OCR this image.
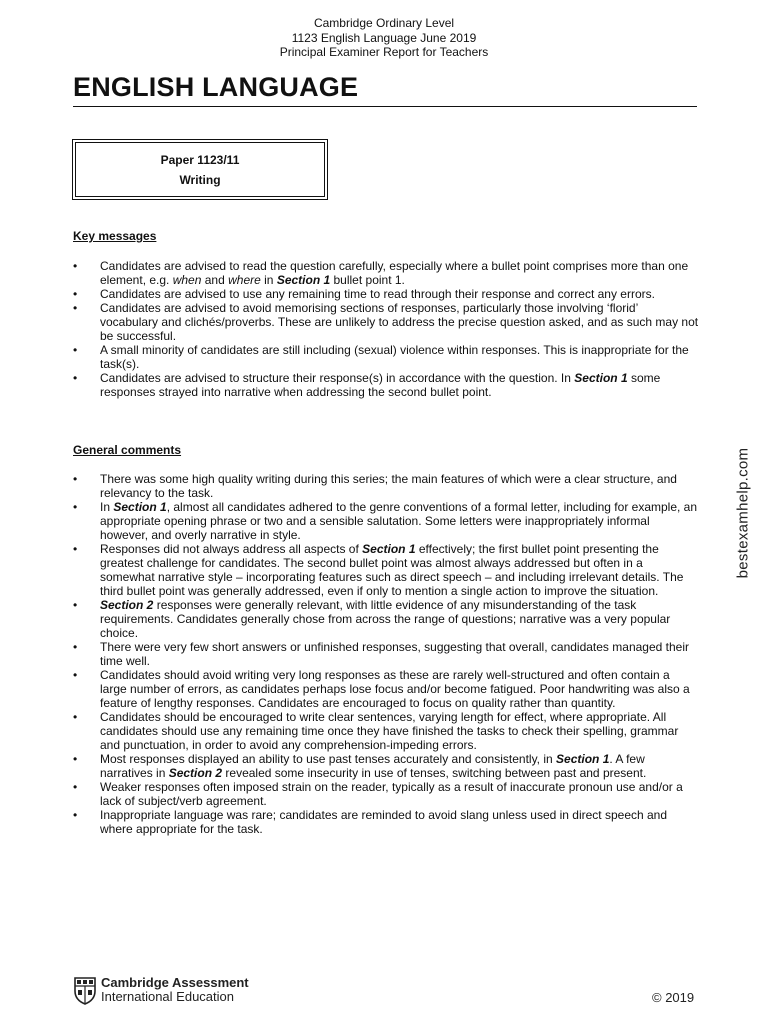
Cambridge Ordinary Level
1123 English Language June 2019
Principal Examiner Report for Teachers
ENGLISH LANGUAGE
Paper 1123/11
Writing
Key messages
• Candidates are advised to read the question carefully, especially where a bullet point comprises more than one element, e.g. when and where in Section 1 bullet point 1.
• Candidates are advised to use any remaining time to read through their response and correct any errors.
• Candidates are advised to avoid memorising sections of responses, particularly those involving ‘florid’ vocabulary and clichés/proverbs. These are unlikely to address the precise question asked, and as such may not be successful.
• A small minority of candidates are still including (sexual) violence within responses. This is inappropriate for the task(s).
• Candidates are advised to structure their response(s) in accordance with the question. In Section 1 some responses strayed into narrative when addressing the second bullet point.
General comments
• There was some high quality writing during this series; the main features of which were a clear structure, and relevancy to the task.
• In Section 1, almost all candidates adhered to the genre conventions of a formal letter, including for example, an appropriate opening phrase or two and a sensible salutation. Some letters were inappropriately informal however, and overly narrative in style.
• Responses did not always address all aspects of Section 1 effectively; the first bullet point presenting the greatest challenge for candidates. The second bullet point was almost always addressed but often in a somewhat narrative style – incorporating features such as direct speech – and including irrelevant details. The third bullet point was generally addressed, even if only to mention a single action to improve the situation.
• Section 2 responses were generally relevant, with little evidence of any misunderstanding of the task requirements. Candidates generally chose from across the range of questions; narrative was a very popular choice.
• There were very few short answers or unfinished responses, suggesting that overall, candidates managed their time well.
• Candidates should avoid writing very long responses as these are rarely well-structured and often contain a large number of errors, as candidates perhaps lose focus and/or become fatigued. Poor handwriting was also a feature of lengthy responses. Candidates are encouraged to focus on quality rather than quantity.
• Candidates should be encouraged to write clear sentences, varying length for effect, where appropriate. All candidates should use any remaining time once they have finished the tasks to check their spelling, grammar and punctuation, in order to avoid any comprehension-impeding errors.
• Most responses displayed an ability to use past tenses accurately and consistently, in Section 1. A few narratives in Section 2 revealed some insecurity in use of tenses, switching between past and present.
• Weaker responses often imposed strain on the reader, typically as a result of inaccurate pronoun use and/or a lack of subject/verb agreement.
• Inappropriate language was rare; candidates are reminded to avoid slang unless used in direct speech and where appropriate for the task.
bestexamhelp.com
Cambridge Assessment
International Education	© 2019
